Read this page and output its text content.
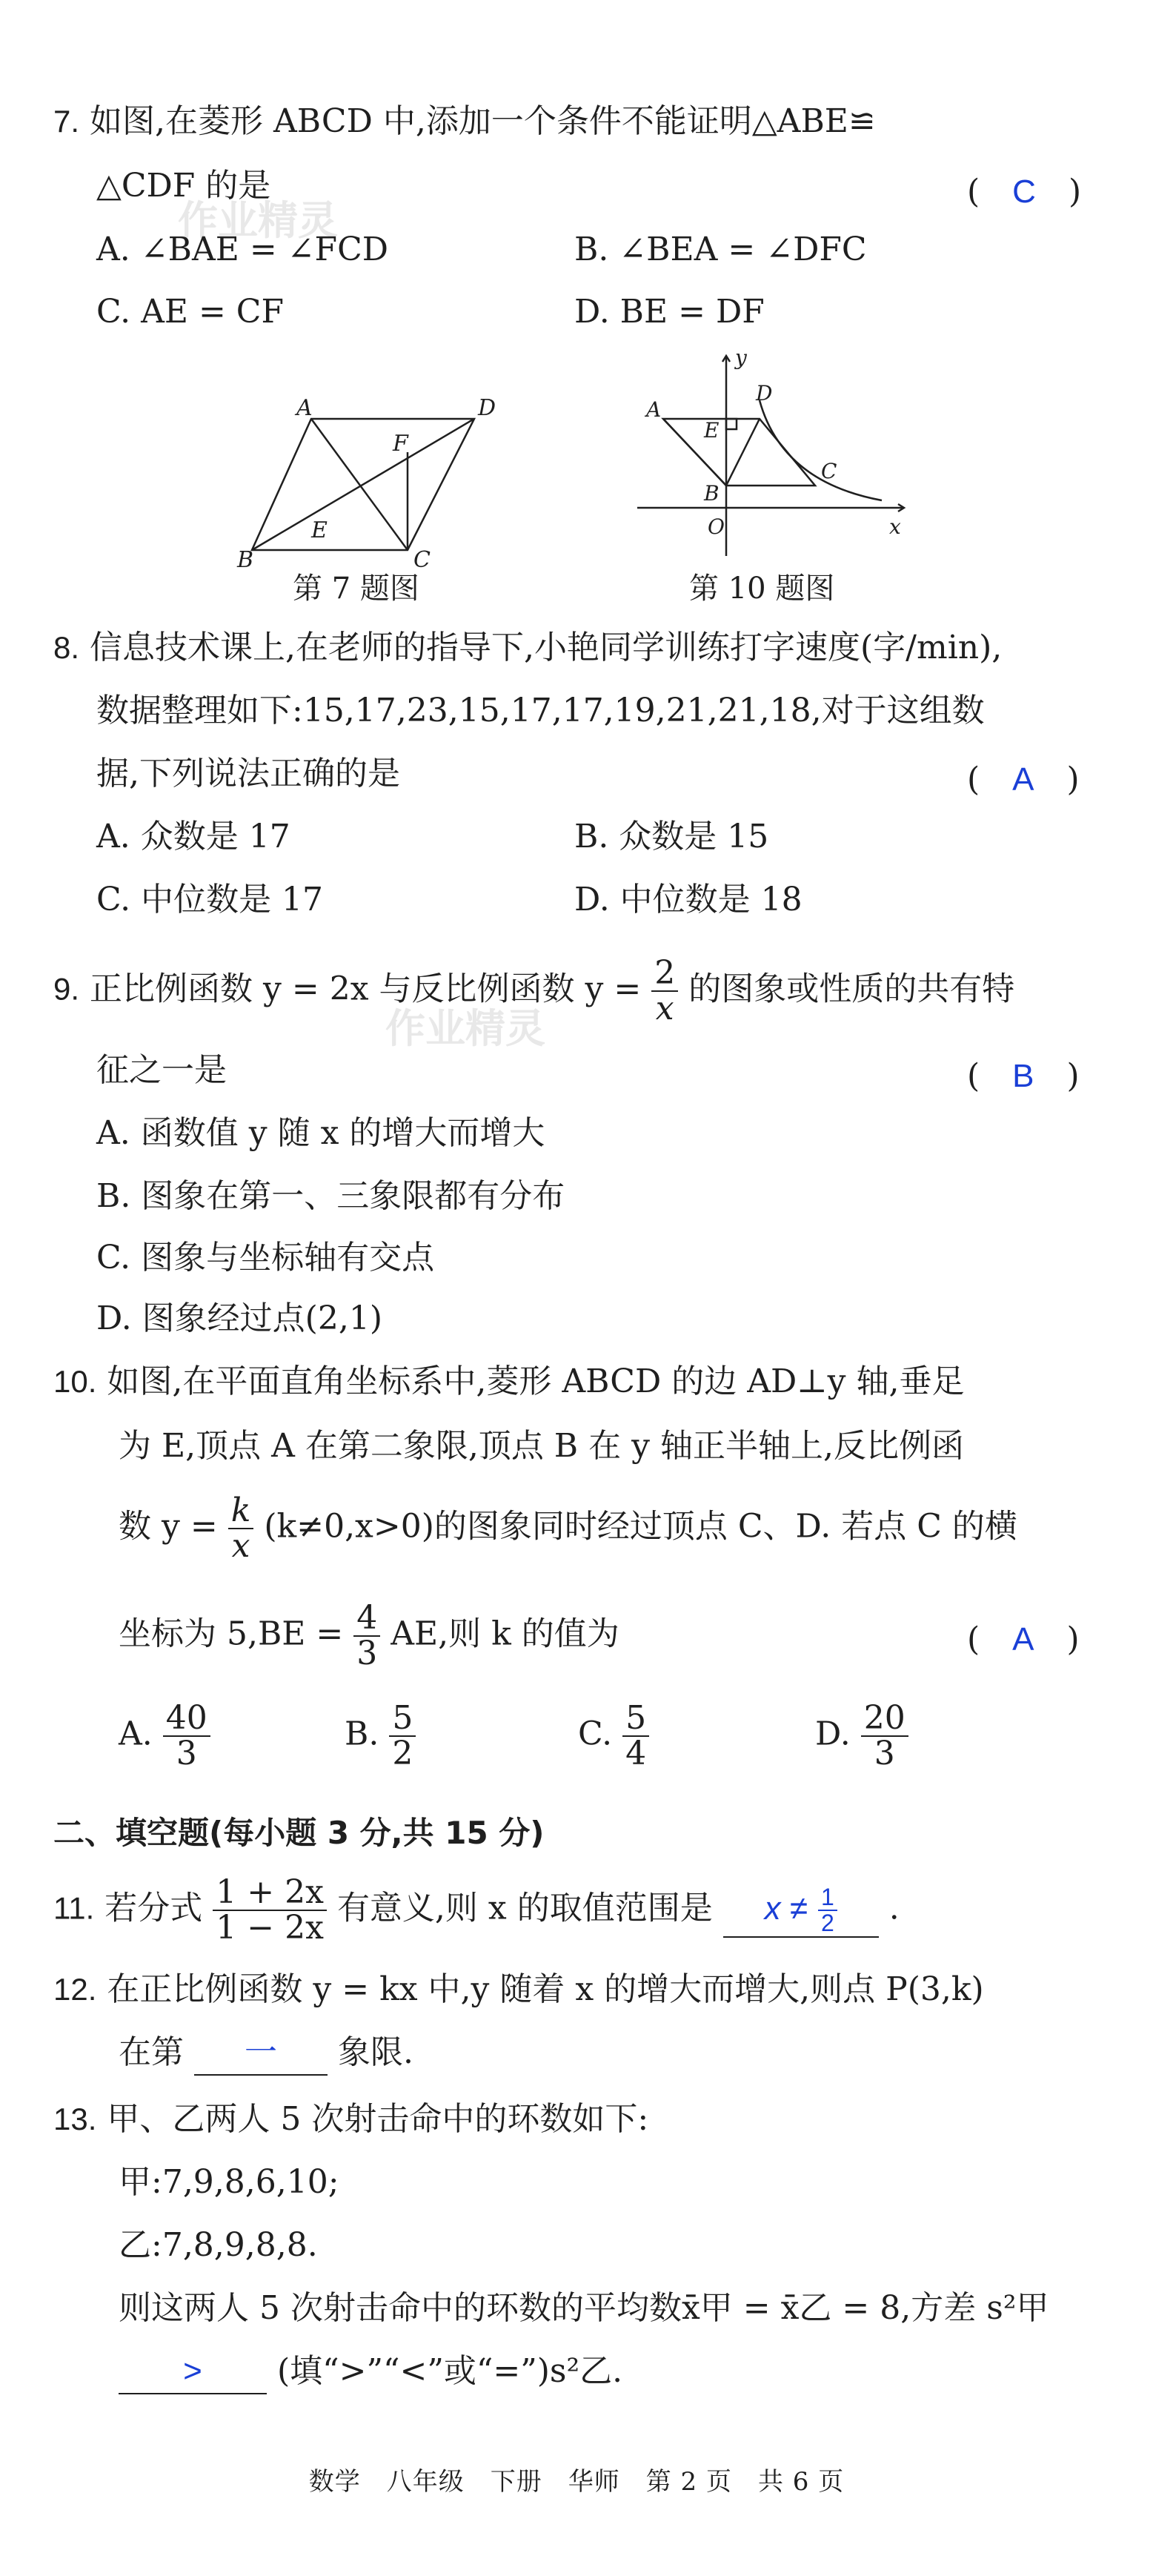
作业精灵
作业精灵
7. 如图,在菱形 ABCD 中,添加一个条件不能证明△ABE≌
△CDF 的是	(　C　)
A. ∠BAE = ∠FCD	B. ∠BEA = ∠DFC
C. AE = CF	D. BE = DF
A	D
B	C
E
F
第 7 题图
A
E
D
B
C
O	x
y
第 10 题图
8. 信息技术课上,在老师的指导下,小艳同学训练打字速度(字/min),
数据整理如下:15,17,23,15,17,17,19,21,21,18,对于这组数
据,下列说法正确的是	(　A　)
A. 众数是 17	B. 众数是 15
C. 中位数是 17	D. 中位数是 18
9. 正比例函数 y = 2x 与反比例函数 $y = \frac{2}{x}$ 的图象或性质的共有特
征之一是	(　B　)
A. 函数值 y 随 x 的增大而增大
B. 图象在第一、三象限都有分布
C. 图象与坐标轴有交点
D. 图象经过点(2,1)
10. 如图,在平面直角坐标系中,菱形 ABCD 的边 AD⊥y 轴,垂足
为 E,顶点 A 在第二象限,顶点 B 在 y 轴正半轴上,反比例函
数 $y = \frac{k}{x} (k\ne 0,x>0)$的图象同时经过顶点 C、D. 若点 C 的横
坐标为 $5,BE = \frac{4}{3}$ AE,则 k 的值为	(　A　)
A. $\frac{40}{3}$	B. $\frac{5}{2}$	C. $\frac{5}{4}$	D. $\frac{20}{3}$
二、填空题(每小题 3 分,共 15 分)
11. 若分式 $\frac{1 + 2x}{1 - 2x}$ 有意义,则 x 的取值范围是 $x \ne \frac{1}{2}$ .
12. 在正比例函数 y = kx 中,y 随着 x 的增大而增大,则点 P(3,k)
在第 一 象限.
13. 甲、乙两人 5 次射击命中的环数如下:
甲:7,9,8,6,10;
乙:7,8,9,8,8.
则这两人 5 次射击命中的环数的平均数x̄甲 = x̄乙 = 8,方差 s²甲
> (填“>”“<”或“=”)s²乙.
数学　八年级　下册　华师　第 2 页　共 6 页
